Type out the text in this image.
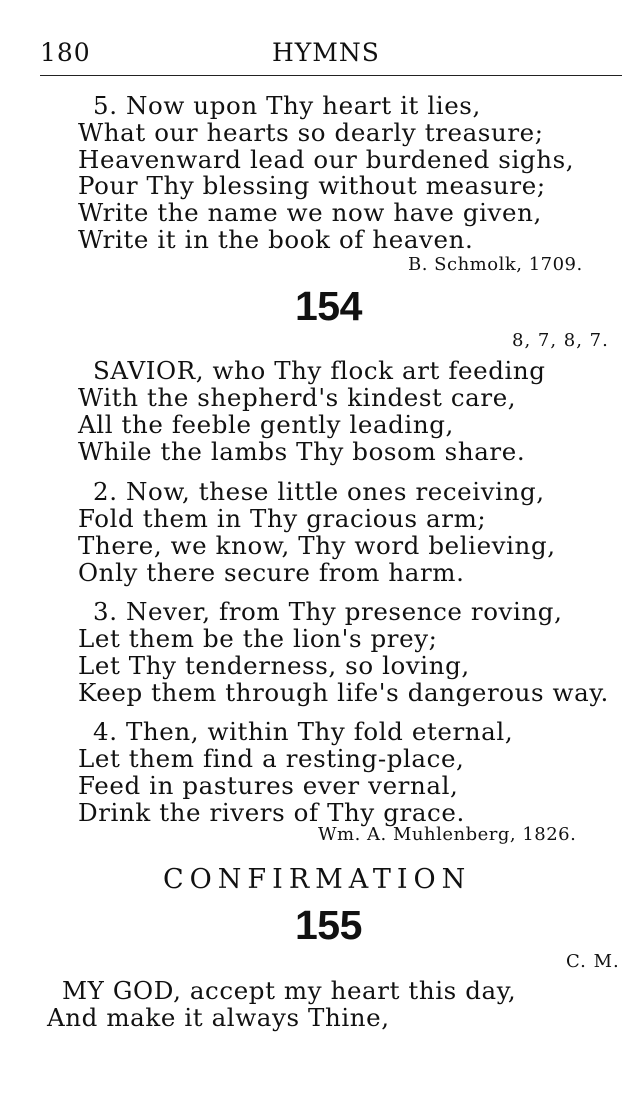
180	HYMNS
5. Now upon Thy heart it lies,
What our hearts so dearly treasure;
Heavenward lead our burdened sighs,
Pour Thy blessing without measure;
Write the name we now have given,
Write it in the book of heaven.
B. Schmolk, 1709.
154
8, 7, 8, 7.
SAVIOR, who Thy flock art feeding
With the shepherd's kindest care,
All the feeble gently leading,
While the lambs Thy bosom share.
2. Now, these little ones receiving,
Fold them in Thy gracious arm;
There, we know, Thy word believing,
Only there secure from harm.
3. Never, from Thy presence roving,
Let them be the lion's prey;
Let Thy tenderness, so loving,
Keep them through life's dangerous way.
4. Then, within Thy fold eternal,
Let them find a resting-place,
Feed in pastures ever vernal,
Drink the rivers of Thy grace.
Wm. A. Muhlenberg, 1826.
CONFIRMATION
155
C. M.
MY GOD, accept my heart this day,
And make it always Thine,
